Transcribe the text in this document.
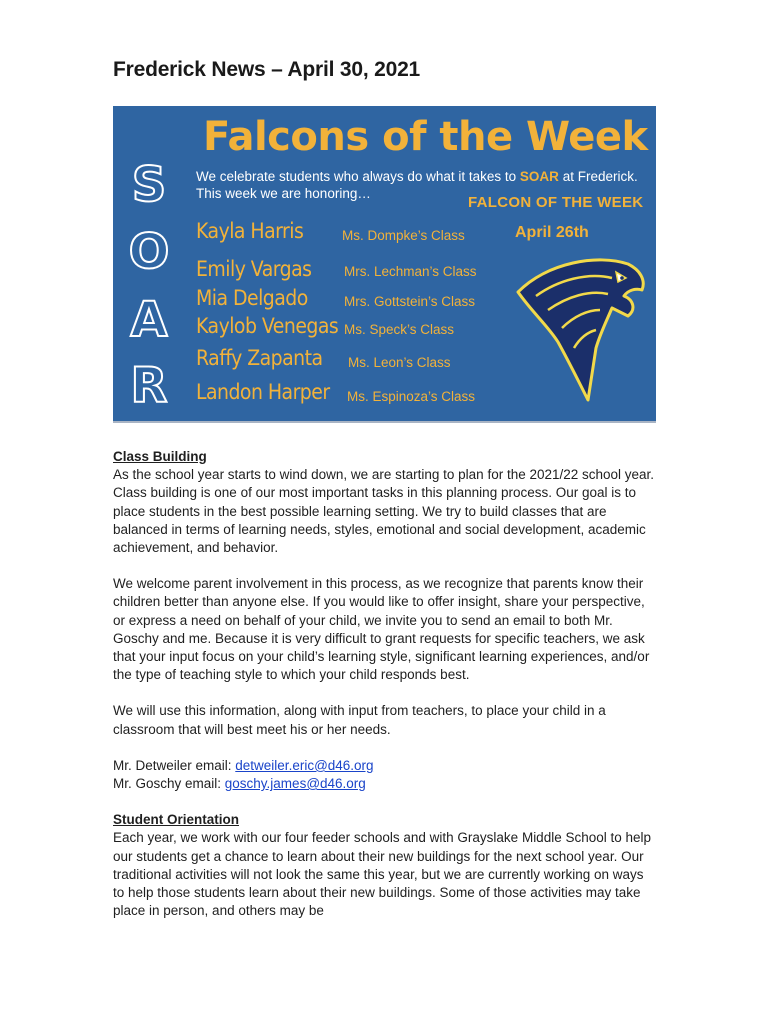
Frederick News – April 30, 2021
Falcons of the Week
S
O
A
R
We celebrate students who always do what it takes to SOAR at Frederick.
This week we are honoring…
FALCON OF THE WEEK
April 26th
Kayla Harris	Ms. Dompke’s Class
Emily Vargas Mrs. Lechman’s Class
Mia Delgado	Mrs. Gottstein’s Class
Kaylob Venegas Ms. Speck’s Class
Raffy Zapanta Ms. Leon’s Class
Landon Harper Ms. Espinoza’s Class

Class Building

As the school year starts to wind down, we are starting to plan for the 2021/22 school year. Class building is one of our most important tasks in this planning process. Our goal is to place students in the best possible learning setting. We try to build classes that are balanced in terms of learning needs, styles, emotional and social development, academic achievement, and behavior.

We welcome parent involvement in this process, as we recognize that parents know their children better than anyone else. If you would like to offer insight, share your perspective, or express a need on behalf of your child, we invite you to send an email to both Mr. Goschy and me. Because it is very difficult to grant requests for specific teachers, we ask that your input focus on your child’s learning style, significant learning experiences, and/or the type of teaching style to which your child responds best.

We will use this information, along with input from teachers, to place your child in a classroom that will best meet his or her needs.

Mr. Detweiler email: detweiler.eric@d46.org

Mr. Goschy email: goschy.james@d46.org

Student Orientation

Each year, we work with our four feeder schools and with Grayslake Middle School to help our students get a chance to learn about their new buildings for the next school year. Our traditional activities will not look the same this year, but we are currently working on ways to help those students learn about their new buildings. Some of those activities may take place in person, and others may be
